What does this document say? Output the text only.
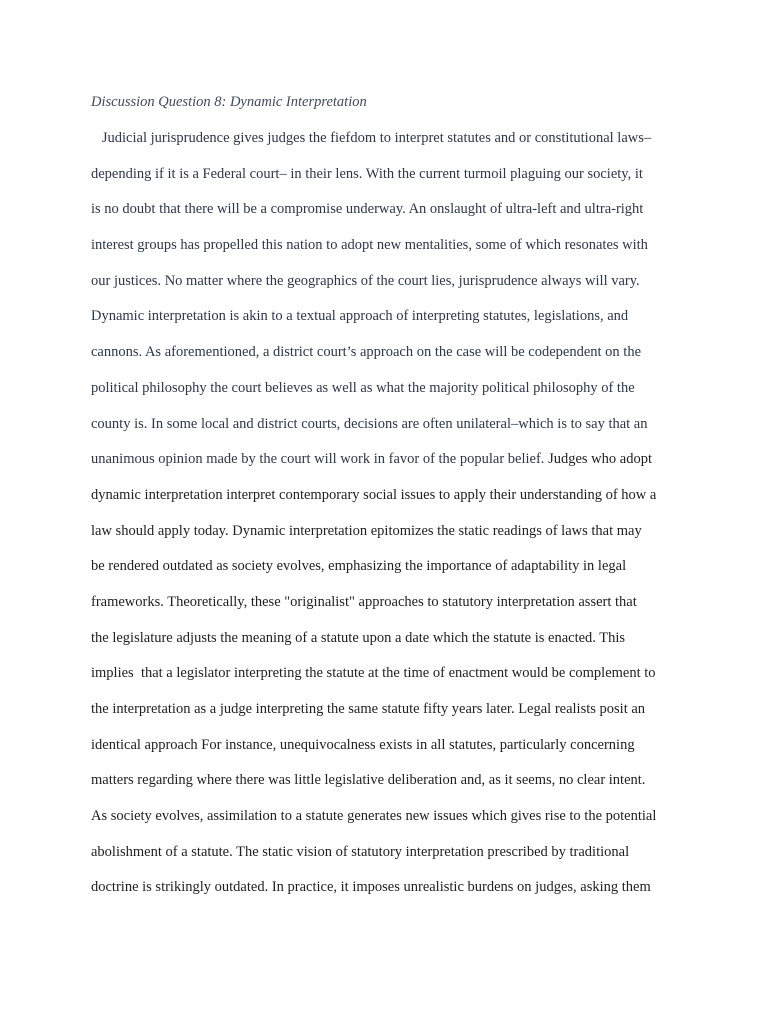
Discussion Question 8: Dynamic Interpretation
Judicial jurisprudence gives judges the fiefdom to interpret statutes and or constitutional laws–
depending if it is a Federal court– in their lens. With the current turmoil plaguing our society, it
is no doubt that there will be a compromise underway. An onslaught of ultra-left and ultra-right
interest groups has propelled this nation to adopt new mentalities, some of which resonates with
our justices. No matter where the geographics of the court lies, jurisprudence always will vary.
Dynamic interpretation is akin to a textual approach of interpreting statutes, legislations, and
cannons. As aforementioned, a district court’s approach on the case will be codependent on the
political philosophy the court believes as well as what the majority political philosophy of the
county is. In some local and district courts, decisions are often unilateral–which is to say that an
unanimous opinion made by the court will work in favor of the popular belief. Judges who adopt
dynamic interpretation interpret contemporary social issues to apply their understanding of how a
law should apply today. Dynamic interpretation epitomizes the static readings of laws that may
be rendered outdated as society evolves, emphasizing the importance of adaptability in legal
frameworks. Theoretically, these "originalist" approaches to statutory interpretation assert that
the legislature adjusts the meaning of a statute upon a date which the statute is enacted. This
implies  that a legislator interpreting the statute at the time of enactment would be complement to
the interpretation as a judge interpreting the same statute fifty years later. Legal realists posit an
identical approach For instance, unequivocalness exists in all statutes, particularly concerning
matters regarding where there was little legislative deliberation and, as it seems, no clear intent.
As society evolves, assimilation to a statute generates new issues which gives rise to the potential
abolishment of a statute. The static vision of statutory interpretation prescribed by traditional
doctrine is strikingly outdated. In practice, it imposes unrealistic burdens on judges, asking them
